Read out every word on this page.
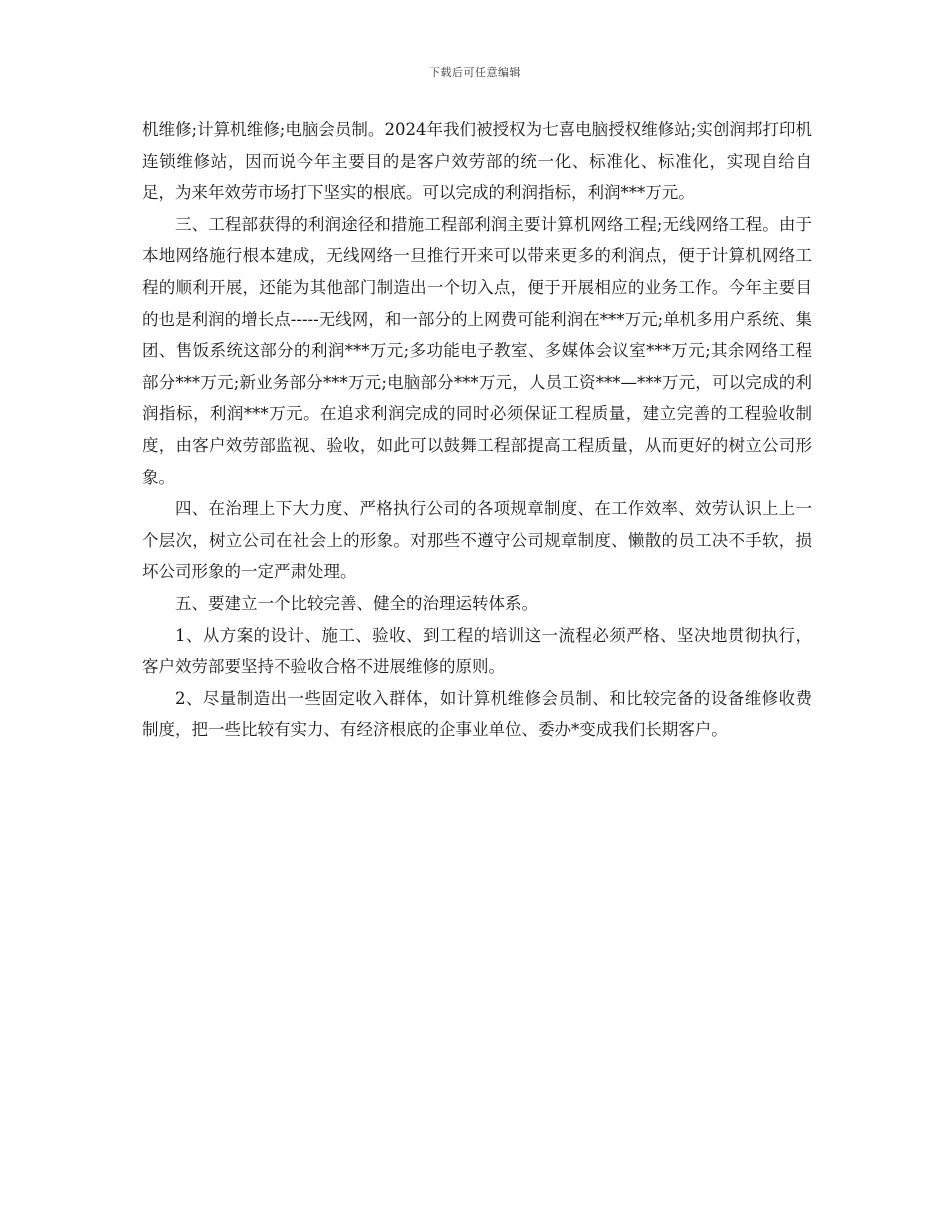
下载后可任意编辑

机维修;计算机维修;电脑会员制。2024年我们被授权为七喜电脑授权维修站;实创润邦打印机连锁维修站，因而说今年主要目的是客户效劳部的统一化、标准化、标准化，实现自给自足，为来年效劳市场打下坚实的根底。可以完成的利润指标，利润***万元。

三、工程部获得的利润途径和措施工程部利润主要计算机网络工程;无线网络工程。由于本地网络施行根本建成，无线网络一旦推行开来可以带来更多的利润点，便于计算机网络工程的顺利开展，还能为其他部门制造出一个切入点，便于开展相应的业务工作。今年主要目的也是利润的增长点-----无线网，和一部分的上网费可能利润在***万元;单机多用户系统、集团、售饭系统这部分的利润***万元;多功能电子教室、多媒体会议室***万元;其余网络工程部分***万元;新业务部分***万元;电脑部分***万元，人员工资***—***万元，可以完成的利润指标，利润***万元。在追求利润完成的同时必须保证工程质量，建立完善的工程验收制度，由客户效劳部监视、验收，如此可以鼓舞工程部提高工程质量，从而更好的树立公司形象。

四、在治理上下大力度、严格执行公司的各项规章制度、在工作效率、效劳认识上上一个层次，树立公司在社会上的形象。对那些不遵守公司规章制度、懒散的员工决不手软，损坏公司形象的一定严肃处理。

五、要建立一个比较完善、健全的治理运转体系。

1、从方案的设计、施工、验收、到工程的培训这一流程必须严格、坚决地贯彻执行，客户效劳部要坚持不验收合格不进展维修的原则。

2、尽量制造出一些固定收入群体，如计算机维修会员制、和比较完备的设备维修收费制度，把一些比较有实力、有经济根底的企事业单位、委办*变成我们长期客户。
